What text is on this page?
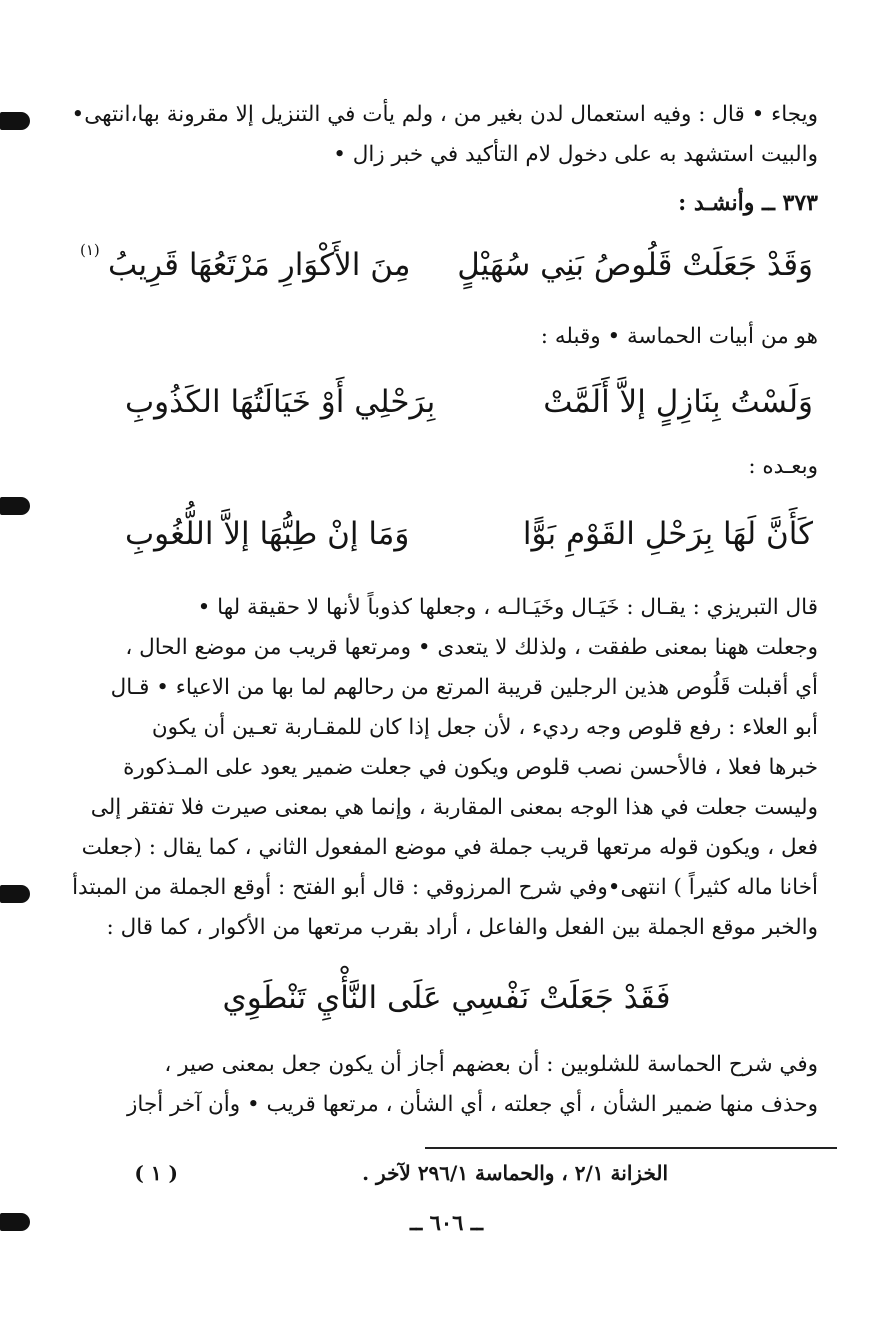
ويجاء • قال : وفيه استعمال لدن بغير من ، ولم يأت في التنزيل إلا مقرونة بها،انتهى•
والبيت استشهد به على دخول لام التأكيد في خبر زال •
٣٧٣ ــ وأنشـد :
وَقَدْ جَعَلَتْ قَلُوصُ بَنِي سُهَيْلٍ
مِنَ الأَكْوَارِ مَرْتَعُهَا قَرِيبُ
(١)
هو من أبيات الحماسة • وقبله :
وَلَسْتُ بِنَازِلٍ إلاَّ أَلَمَّتْ
بِرَحْلِي أَوْ خَيَالَتُهَا الكَذُوبِ
وبعـده :
كَأَنَّ لَهَا بِرَحْلِ القَوْمِ بَوًّا
وَمَا إنْ طِبُّهَا إلاَّ اللُّغُوبِ
قال التبريزي : يقـال : خَيَـال وخَيَـالـه ، وجعلها كذوباً لأنها لا حقيقة لها •
وجعلت ههنا بمعنى طفقت ، ولذلك لا يتعدى • ومرتعها قريب من موضع الحال ،
أي أقبلت قَلُوص هذين الرجلين قريبة المرتع من رحالهم لما بها من الاعياء • قـال
أبو العلاء : رفع قلوص وجه رديء ، لأن جعل إذا كان للمقـاربة تعـين أن يكون
خبرها فعلا ، فالأحسن نصب قلوص ويكون في جعلت ضمير يعود على المـذكورة
وليست جعلت في هذا الوجه بمعنى المقاربة ، وإنما هي بمعنى صيرت فلا تفتقر إلى
فعل ، ويكون قوله مرتعها قريب جملة في موضع المفعول الثاني ، كما يقال : (جعلت
أخانا ماله كثيراً ) انتهى•وفي شرح المرزوقي : قال أبو الفتح : أوقع الجملة من المبتدأ
والخبر موقع الجملة بين الفعل والفاعل ، أراد بقرب مرتعها من الأكوار ، كما قال :
فَقَدْ جَعَلَتْ نَفْسِي عَلَى النَّأْيِ تَنْطَوِي
وفي شرح الحماسة للشلوبين : أن بعضهم أجاز أن يكون جعل بمعنى صير ،
وحذف منها ضمير الشأن ، أي جعلته ، أي الشأن ، مرتعها قريب • وأن آخر أجاز
( ١ )	الخزانة ٢/١ ، والحماسة ٢٩٦/١ لآخر .
ــ ٦٠٦ ــ
